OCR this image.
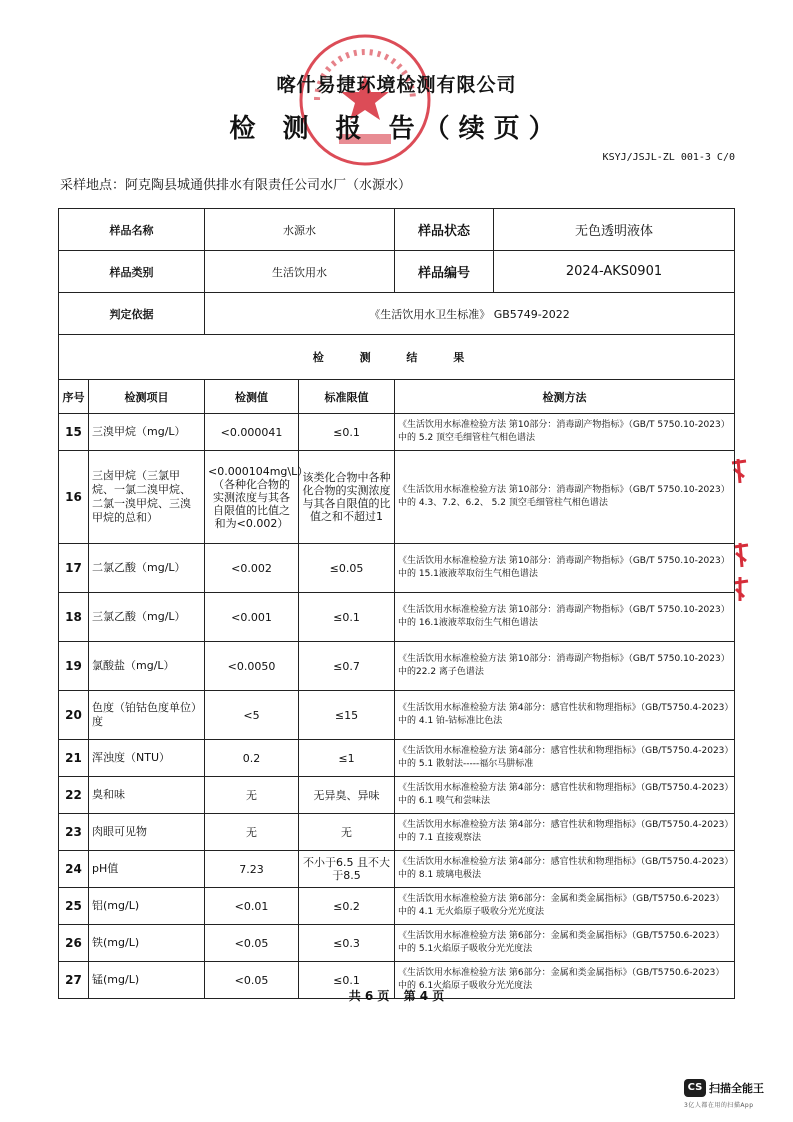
喀什易捷环境检测有限公司
检 测 报 告（续页）
KSYJ/JSJL-ZL 001-3 C/0
采样地点：阿克陶县城通供排水有限责任公司水厂（水源水）
样品名称	水源水		样品状态	无色透明液体

样品类别	生活饮用水		样品编号	2024-AKS0901

判定依据	《生活饮用水卫生标准》 GB5749-2022
检 测 结 果
序号	检测项目	检测值	标准限值	检测方法
15	三溴甲烷（mg/L）	<0.000041	≤0.1	《生活饮用水标准检验方法 第10部分：消毒副产物指标》（GB/T 5750.10-2023）中的 5.2 顶空毛细管柱气相色谱法
16	三卤甲烷（三氯甲烷、一氯二溴甲烷、二氯一溴甲烷、三溴甲烷的总和）	<0.000104mg\L）（各种化合物的实测浓度与其各自限值的比值之和为<0.002）	该类化合物中各种化合物的实测浓度与其各自限值的比值之和不超过1	《生活饮用水标准检验方法 第10部分：消毒副产物指标》（GB/T 5750.10-2023）中的 4.3、7.2、6.2、 5.2 顶空毛细管柱气相色谱法
17	二氯乙酸（mg/L）	<0.002	≤0.05	《生活饮用水标准检验方法 第10部分：消毒副产物指标》（GB/T 5750.10-2023）中的 15.1液液萃取衍生气相色谱法
18	三氯乙酸（mg/L）	<0.001	≤0.1	《生活饮用水标准检验方法 第10部分：消毒副产物指标》（GB/T 5750.10-2023）中的 16.1液液萃取衍生气相色谱法
19	氯酸盐（mg/L）	<0.0050	≤0.7	《生活饮用水标准检验方法 第10部分：消毒副产物指标》（GB/T 5750.10-2023）中的22.2 离子色谱法
20	色度（铂钴色度单位）度	<5	≤15	《生活饮用水标准检验方法 第4部分：感官性状和物理指标》（GB/T5750.4-2023）中的 4.1 铂-钴标准比色法
21	浑浊度（NTU）	0.2	≤1	《生活饮用水标准检验方法 第4部分：感官性状和物理指标》（GB/T5750.4-2023）中的 5.1 散射法-----福尔马肼标准
22	臭和味	无	无异臭、异味	《生活饮用水标准检验方法 第4部分：感官性状和物理指标》（GB/T5750.4-2023）中的 6.1 嗅气和尝味法
23	肉眼可见物	无	无	《生活饮用水标准检验方法 第4部分：感官性状和物理指标》（GB/T5750.4-2023）中的 7.1 直接观察法
24	pH值	7.23	不小于6.5 且不大于8.5	《生活饮用水标准检验方法 第4部分：感官性状和物理指标》（GB/T5750.4-2023）中的 8.1 玻璃电极法
25	铝(mg/L)	<0.01	≤0.2	《生活饮用水标准检验方法 第6部分：金属和类金属指标》（GB/T5750.6-2023）中的 4.1 无火焰原子吸收分光光度法
26	铁(mg/L)	<0.05	≤0.3	《生活饮用水标准检验方法 第6部分：金属和类金属指标》（GB/T5750.6-2023）中的 5.1火焰原子吸收分光光度法
27	锰(mg/L)	<0.05	≤0.1	《生活饮用水标准检验方法 第6部分：金属和类金属指标》（GB/T5750.6-2023）中的 6.1火焰原子吸收分光光度法
共 6 页 第 4 页
CS 扫描全能王
3亿人都在用的扫描App
